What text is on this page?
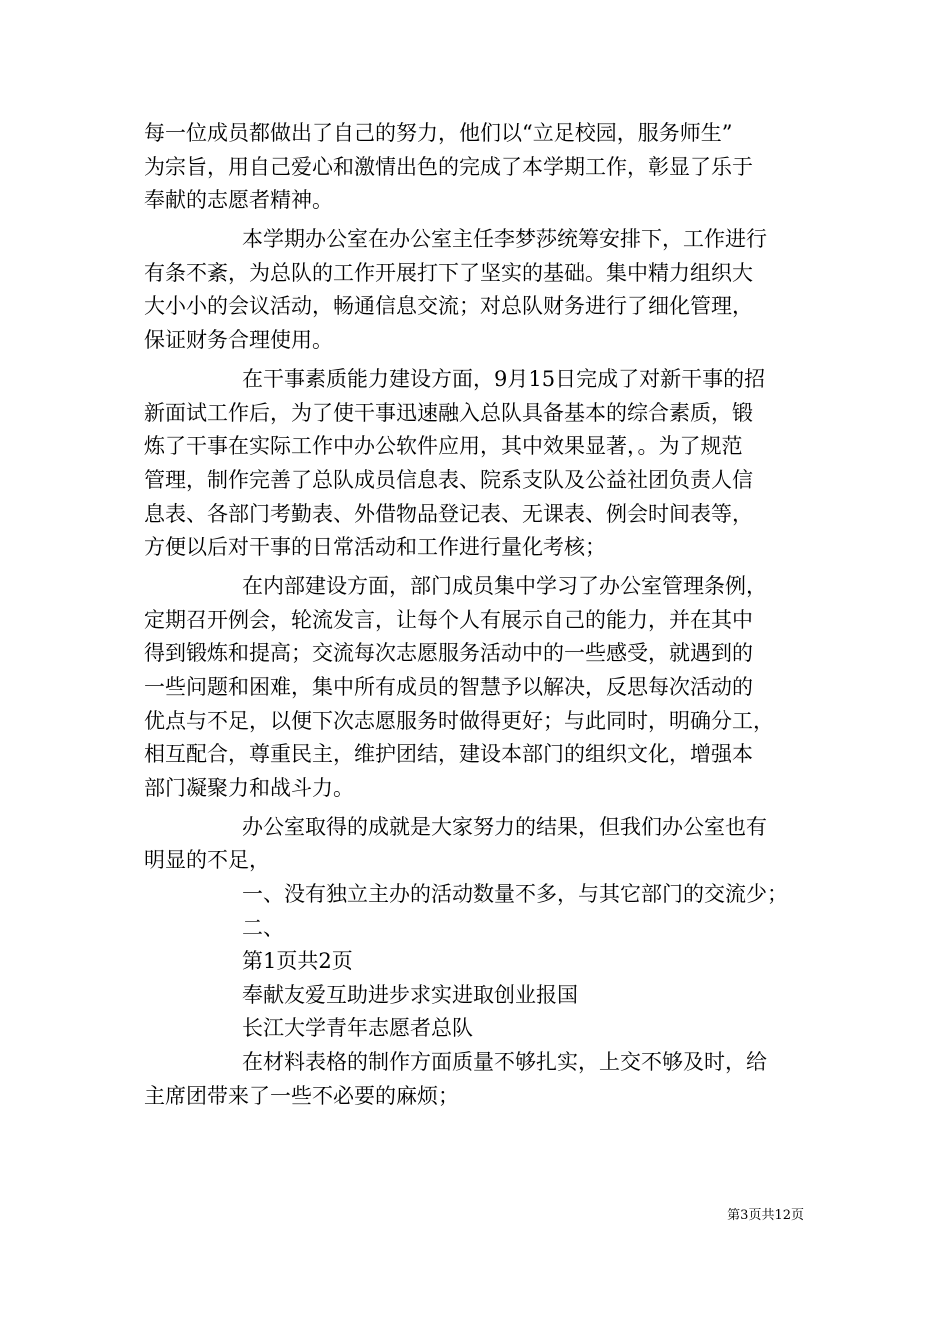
每一位成员都做出了自己的努力，他们以“立足校园，服务师生”
为宗旨，用自己爱心和激情出色的完成了本学期工作，彰显了乐于
奉献的志愿者精神。
本学期办公室在办公室主任李梦莎统筹安排下，工作进行
有条不紊，为总队的工作开展打下了坚实的基础。集中精力组织大
大小小的会议活动，畅通信息交流；对总队财务进行了细化管理，
保证财务合理使用。
在干事素质能力建设方面，9月15日完成了对新干事的招
新面试工作后，为了使干事迅速融入总队具备基本的综合素质，锻
炼了干事在实际工作中办公软件应用，其中效果显著，。为了规范
管理，制作完善了总队成员信息表、院系支队及公益社团负责人信
息表、各部门考勤表、外借物品登记表、无课表、例会时间表等，
方便以后对干事的日常活动和工作进行量化考核；
在内部建设方面，部门成员集中学习了办公室管理条例，
定期召开例会，轮流发言，让每个人有展示自己的能力，并在其中
得到锻炼和提高；交流每次志愿服务活动中的一些感受，就遇到的
一些问题和困难，集中所有成员的智慧予以解决，反思每次活动的
优点与不足，以便下次志愿服务时做得更好；与此同时，明确分工，
相互配合，尊重民主，维护团结，建设本部门的组织文化，增强本
部门凝聚力和战斗力。
办公室取得的成就是大家努力的结果，但我们办公室也有
明显的不足，
一、没有独立主办的活动数量不多，与其它部门的交流少；
二、
第1页共2页
奉献友爱互助进步求实进取创业报国
长江大学青年志愿者总队
在材料表格的制作方面质量不够扎实，上交不够及时，给
主席团带来了一些不必要的麻烦；
第3页共12页
